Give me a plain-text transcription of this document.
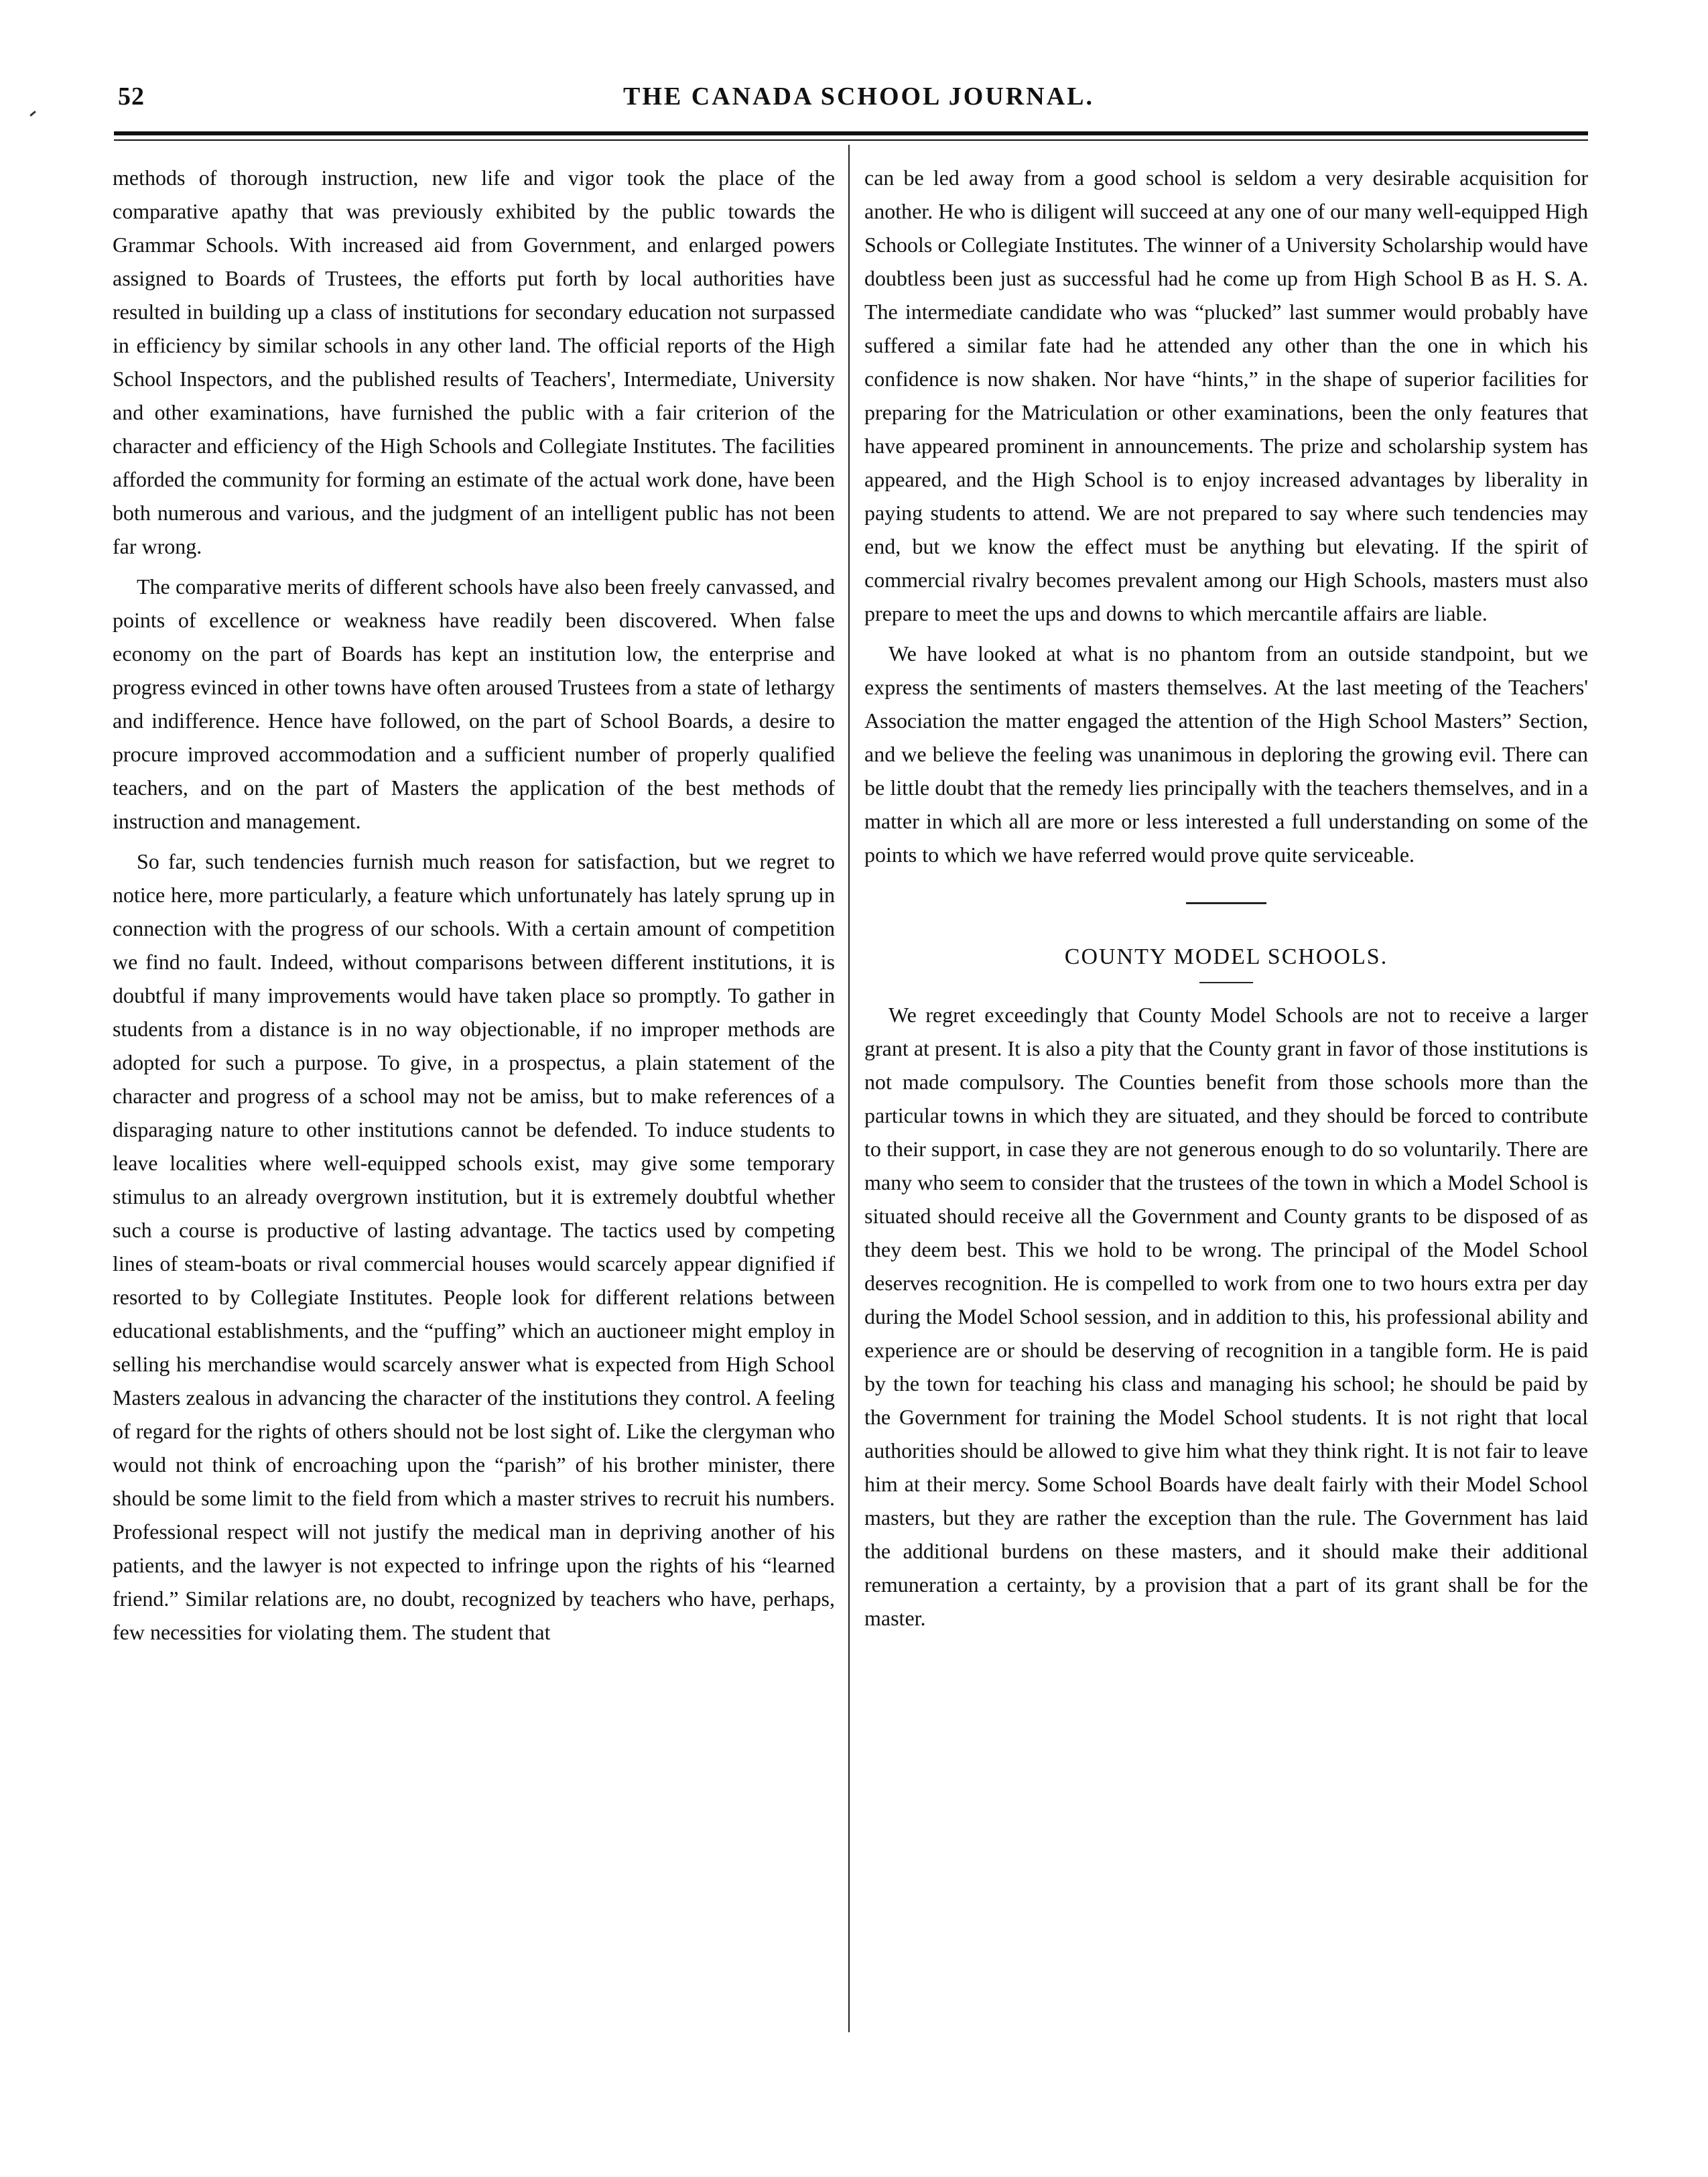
52	THE CANADA SCHOOL JOURNAL.

methods of thorough instruction, new life and vigor took the place of the comparative apathy that was previously exhibited by the public towards the Grammar Schools. With increased aid from Government, and enlarged powers assigned to Boards of Trustees, the efforts put forth by local authorities have resulted in building up a class of institutions for secondary education not surpassed in efficiency by similar schools in any other land. The official reports of the High School Inspectors, and the published results of Teachers', Intermediate, University and other examinations, have furnished the public with a fair criterion of the character and efficiency of the High Schools and Collegiate Institutes. The facilities afforded the community for forming an estimate of the actual work done, have been both numerous and various, and the judgment of an intelligent public has not been far wrong.

The comparative merits of different schools have also been freely canvassed, and points of excellence or weakness have readily been discovered. When false economy on the part of Boards has kept an institution low, the enterprise and progress evinced in other towns have often aroused Trustees from a state of lethargy and indifference. Hence have followed, on the part of School Boards, a desire to procure improved accommodation and a sufficient number of properly qualified teachers, and on the part of Masters the application of the best methods of instruction and management.

So far, such tendencies furnish much reason for satisfaction, but we regret to notice here, more particularly, a feature which unfortunately has lately sprung up in connection with the progress of our schools. With a certain amount of competition we find no fault. Indeed, without comparisons between different institutions, it is doubtful if many improvements would have taken place so promptly. To gather in students from a distance is in no way objectionable, if no improper methods are adopted for such a purpose. To give, in a prospectus, a plain statement of the character and progress of a school may not be amiss, but to make references of a disparaging nature to other institutions cannot be defended. To induce students to leave localities where well-equipped schools exist, may give some temporary stimulus to an already overgrown institution, but it is extremely doubtful whether such a course is productive of lasting advantage. The tactics used by competing lines of steam-boats or rival commercial houses would scarcely appear dignified if resorted to by Collegiate Institutes. People look for different relations between educational establishments, and the “puffing” which an auctioneer might employ in selling his merchandise would scarcely answer what is expected from High School Masters zealous in advancing the character of the institutions they control. A feeling of regard for the rights of others should not be lost sight of. Like the clergyman who would not think of encroaching upon the “parish” of his brother minister, there should be some limit to the field from which a master strives to recruit his numbers. Professional respect will not justify the medical man in depriving another of his patients, and the lawyer is not expected to infringe upon the rights of his “learned friend.” Similar relations are, no doubt, recognized by teachers who have, perhaps, few necessities for violating them. The student that

can be led away from a good school is seldom a very desirable acquisition for another. He who is diligent will succeed at any one of our many well-equipped High Schools or Collegiate Institutes. The winner of a University Scholarship would have doubtless been just as successful had he come up from High School B as H. S. A. The intermediate candidate who was “plucked” last summer would probably have suffered a similar fate had he attended any other than the one in which his confidence is now shaken. Nor have “hints,” in the shape of superior facilities for preparing for the Matriculation or other examinations, been the only features that have appeared prominent in announcements. The prize and scholarship system has appeared, and the High School is to enjoy increased advantages by liberality in paying students to attend. We are not prepared to say where such tendencies may end, but we know the effect must be anything but elevating. If the spirit of commercial rivalry becomes prevalent among our High Schools, masters must also prepare to meet the ups and downs to which mercantile affairs are liable.

We have looked at what is no phantom from an outside standpoint, but we express the sentiments of masters themselves. At the last meeting of the Teachers' Association the matter engaged the attention of the High School Masters” Section, and we believe the feeling was unanimous in deploring the growing evil. There can be little doubt that the remedy lies principally with the teachers themselves, and in a matter in which all are more or less interested a full understanding on some of the points to which we have referred would prove quite serviceable.

COUNTY MODEL SCHOOLS.

We regret exceedingly that County Model Schools are not to receive a larger grant at present. It is also a pity that the County grant in favor of those institutions is not made compulsory. The Counties benefit from those schools more than the particular towns in which they are situated, and they should be forced to contribute to their support, in case they are not generous enough to do so voluntarily. There are many who seem to consider that the trustees of the town in which a Model School is situated should receive all the Government and County grants to be disposed of as they deem best. This we hold to be wrong. The principal of the Model School deserves recognition. He is compelled to work from one to two hours extra per day during the Model School session, and in addition to this, his professional ability and experience are or should be deserving of recognition in a tangible form. He is paid by the town for teaching his class and managing his school; he should be paid by the Government for training the Model School students. It is not right that local authorities should be allowed to give him what they think right. It is not fair to leave him at their mercy. Some School Boards have dealt fairly with their Model School masters, but they are rather the exception than the rule. The Government has laid the additional burdens on these masters, and it should make their additional remuneration a certainty, by a provision that a part of its grant shall be for the master.
